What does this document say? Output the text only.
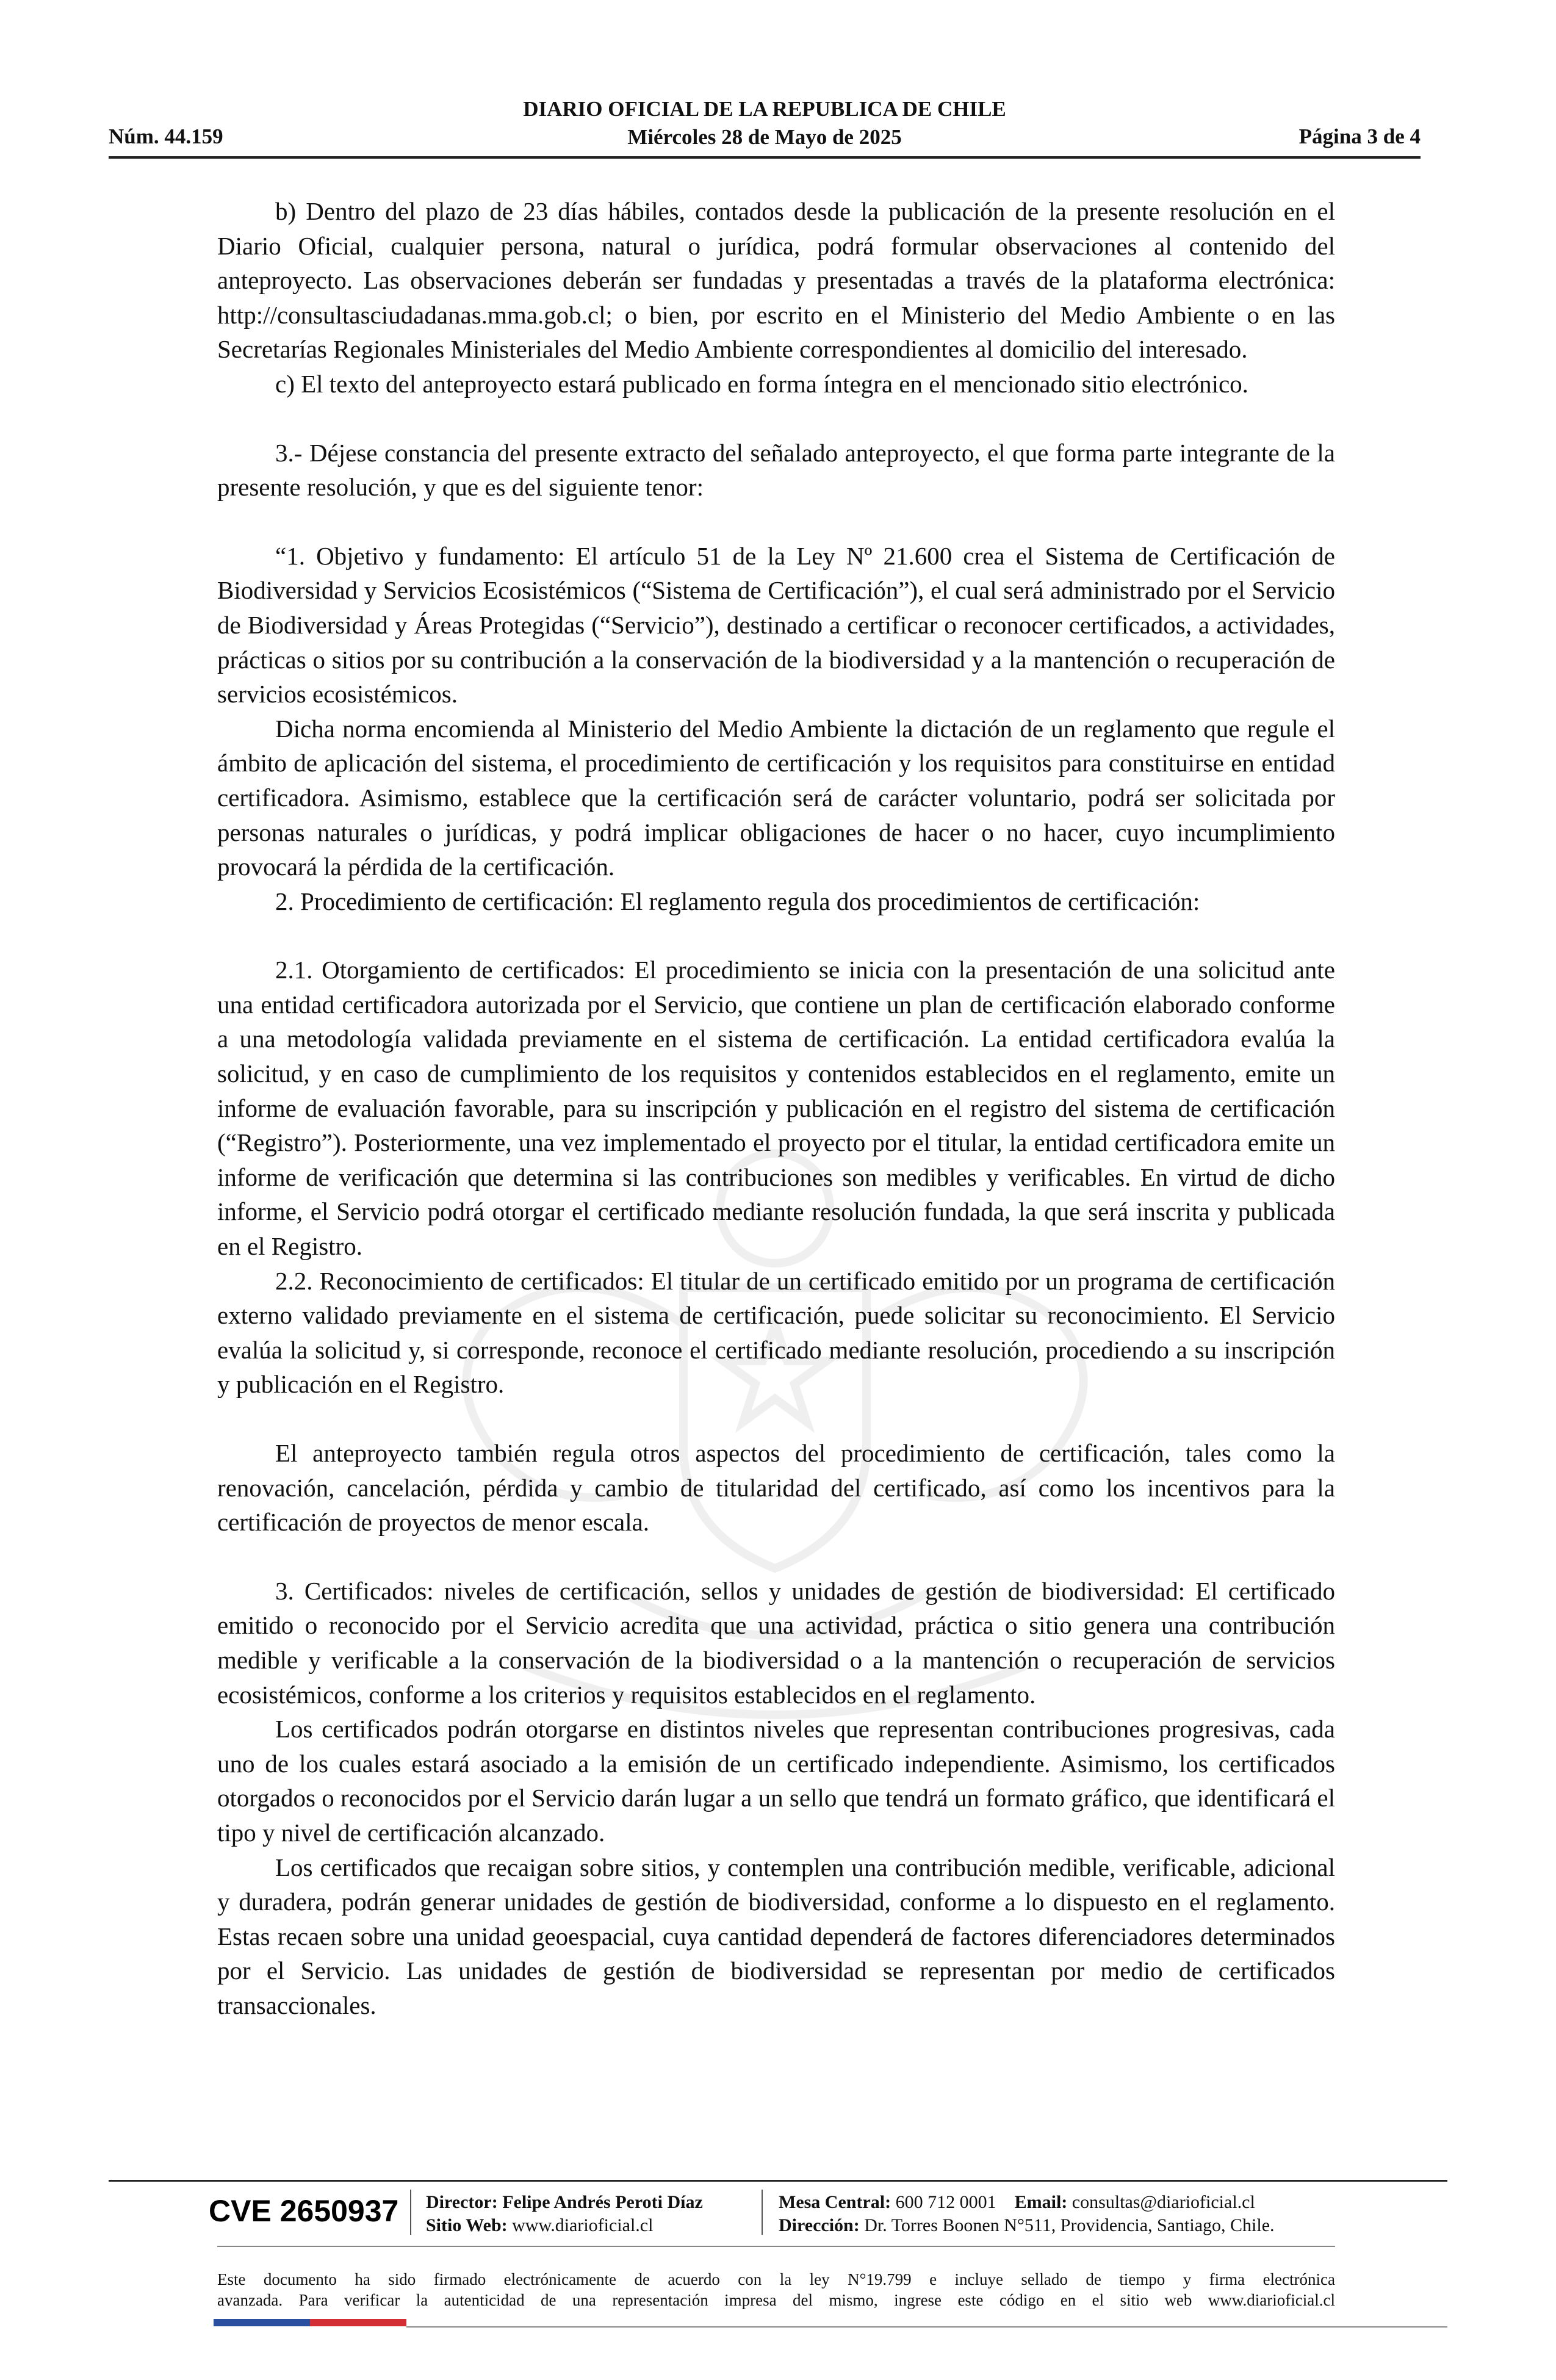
Núm. 44.159
DIARIO OFICIAL DE LA REPUBLICA DE CHILE
Miércoles 28 de Mayo de 2025	Página 3 de 4

b) Dentro del plazo de 23 días hábiles, contados desde la publicación de la presente resolución en el Diario Oficial, cualquier persona, natural o jurídica, podrá formular observaciones al contenido del anteproyecto. Las observaciones deberán ser fundadas y presentadas a través de la plataforma electrónica: http://consultasciudadanas.mma.gob.cl; o bien, por escrito en el Ministerio del Medio Ambiente o en las Secretarías Regionales Ministeriales del Medio Ambiente correspondientes al domicilio del interesado.

c) El texto del anteproyecto estará publicado en forma íntegra en el mencionado sitio electrónico.

3.- Déjese constancia del presente extracto del señalado anteproyecto, el que forma parte integrante de la presente resolución, y que es del siguiente tenor:

“1. Objetivo y fundamento: El artículo 51 de la Ley Nº 21.600 crea el Sistema de Certificación de Biodiversidad y Servicios Ecosistémicos (“Sistema de Certificación”), el cual será administrado por el Servicio de Biodiversidad y Áreas Protegidas (“Servicio”), destinado a certificar o reconocer certificados, a actividades, prácticas o sitios por su contribución a la conservación de la biodiversidad y a la mantención o recuperación de servicios ecosistémicos.

Dicha norma encomienda al Ministerio del Medio Ambiente la dictación de un reglamento que regule el ámbito de aplicación del sistema, el procedimiento de certificación y los requisitos para constituirse en entidad certificadora. Asimismo, establece que la certificación será de carácter voluntario, podrá ser solicitada por personas naturales o jurídicas, y podrá implicar obligaciones de hacer o no hacer, cuyo incumplimiento provocará la pérdida de la certificación.

2. Procedimiento de certificación: El reglamento regula dos procedimientos de certificación:

2.1. Otorgamiento de certificados: El procedimiento se inicia con la presentación de una solicitud ante una entidad certificadora autorizada por el Servicio, que contiene un plan de certificación elaborado conforme a una metodología validada previamente en el sistema de certificación. La entidad certificadora evalúa la solicitud, y en caso de cumplimiento de los requisitos y contenidos establecidos en el reglamento, emite un informe de evaluación favorable, para su inscripción y publicación en el registro del sistema de certificación (“Registro”). Posteriormente, una vez implementado el proyecto por el titular, la entidad certificadora emite un informe de verificación que determina si las contribuciones son medibles y verificables. En virtud de dicho informe, el Servicio podrá otorgar el certificado mediante resolución fundada, la que será inscrita y publicada en el Registro.

2.2. Reconocimiento de certificados: El titular de un certificado emitido por un programa de certificación externo validado previamente en el sistema de certificación, puede solicitar su reconocimiento. El Servicio evalúa la solicitud y, si corresponde, reconoce el certificado mediante resolución, procediendo a su inscripción y publicación en el Registro.

El anteproyecto también regula otros aspectos del procedimiento de certificación, tales como la renovación, cancelación, pérdida y cambio de titularidad del certificado, así como los incentivos para la certificación de proyectos de menor escala.

3. Certificados: niveles de certificación, sellos y unidades de gestión de biodiversidad: El certificado emitido o reconocido por el Servicio acredita que una actividad, práctica o sitio genera una contribución medible y verificable a la conservación de la biodiversidad o a la mantención o recuperación de servicios ecosistémicos, conforme a los criterios y requisitos establecidos en el reglamento.

Los certificados podrán otorgarse en distintos niveles que representan contribuciones progresivas, cada uno de los cuales estará asociado a la emisión de un certificado independiente. Asimismo, los certificados otorgados o reconocidos por el Servicio darán lugar a un sello que tendrá un formato gráfico, que identificará el tipo y nivel de certificación alcanzado.

Los certificados que recaigan sobre sitios, y contemplen una contribución medible, verificable, adicional y duradera, podrán generar unidades de gestión de biodiversidad, conforme a lo dispuesto en el reglamento. Estas recaen sobre una unidad geoespacial, cuya cantidad dependerá de factores diferenciadores determinados por el Servicio. Las unidades de gestión de biodiversidad se representan por medio de certificados transaccionales.

CVE 2650937 Director: Felipe Andrés Peroti Díaz
Sitio Web: www.diarioficial.cl
Mesa Central: 600 712 0001 Email: consultas@diarioficial.cl
Dirección: Dr. Torres Boonen N°511, Providencia, Santiago, Chile.
Este documento ha sido firmado electrónicamente de acuerdo con la ley N°19.799 e incluye sellado de tiempo y firma electrónica
avanzada. Para verificar la autenticidad de una representación impresa del mismo, ingrese este código en el sitio web www.diarioficial.cl
